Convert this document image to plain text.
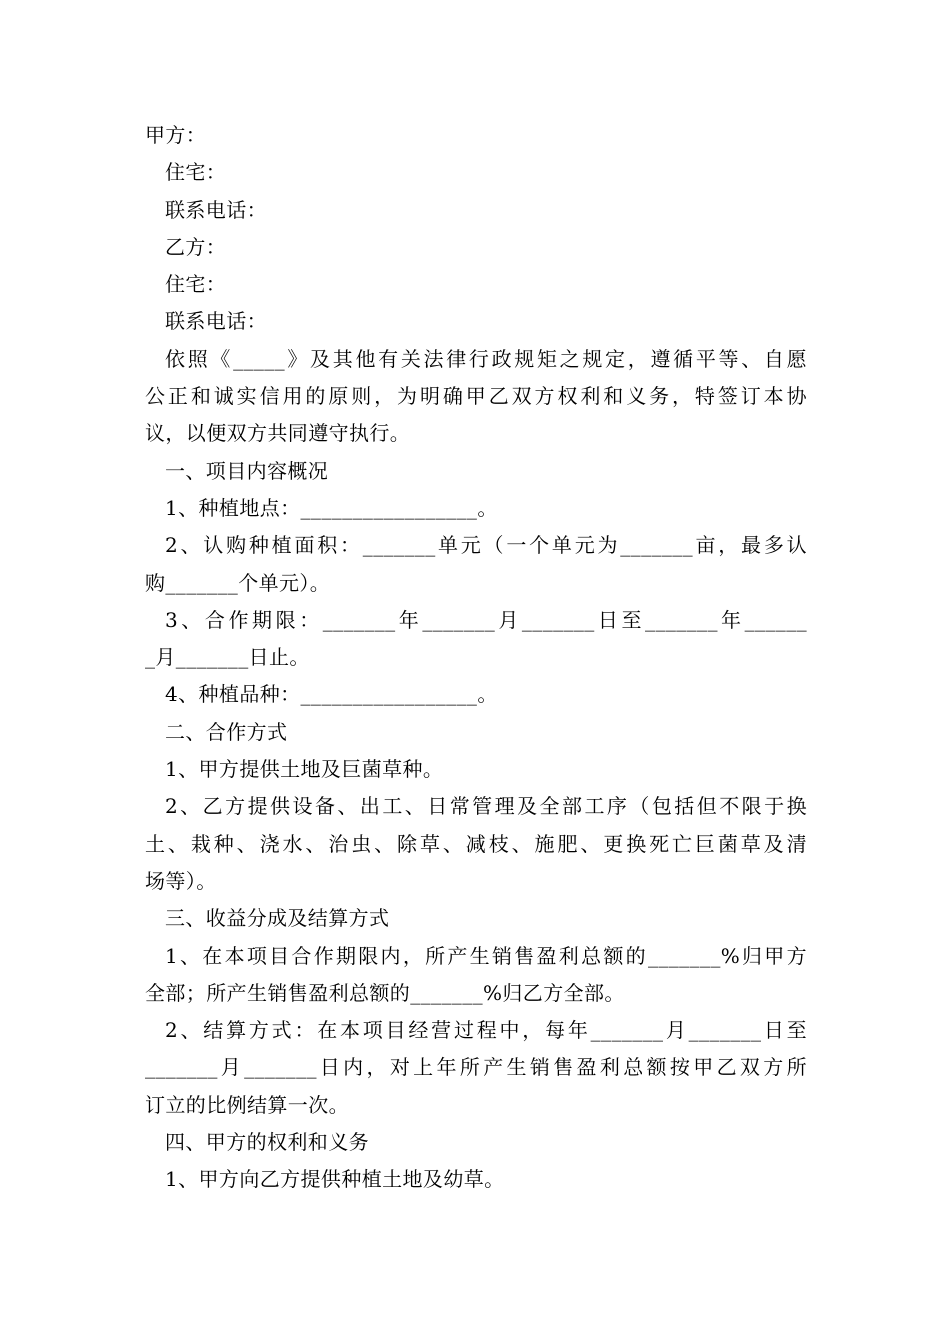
甲方：
住宅：
联系电话：
乙方：
住宅：
联系电话：
依照《_____》及其他有关法律行政规矩之规定，遵循平等、自愿
公正和诚实信用的原则，为明确甲乙双方权利和义务，特签订本协
议，以便双方共同遵守执行。
一、项目内容概况
1、种植地点：_________________。
2、认购种植面积：_______单元（一个单元为_______亩，最多认
购_______个单元）。
3、合作期限：_______年_______月_______日至_______年______
_月_______日止。
4、种植品种：_________________。
二、合作方式
1、甲方提供土地及巨菌草种。
2、乙方提供设备、出工、日常管理及全部工序（包括但不限于换
土、栽种、浇水、治虫、除草、减枝、施肥、更换死亡巨菌草及清
场等）。
三、收益分成及结算方式
1、在本项目合作期限内，所产生销售盈利总额的_______%归甲方
全部；所产生销售盈利总额的_______%归乙方全部。
2、结算方式：在本项目经营过程中，每年_______月_______日至
_______月_______日内，对上年所产生销售盈利总额按甲乙双方所
订立的比例结算一次。
四、甲方的权利和义务
1、甲方向乙方提供种植土地及幼草。
